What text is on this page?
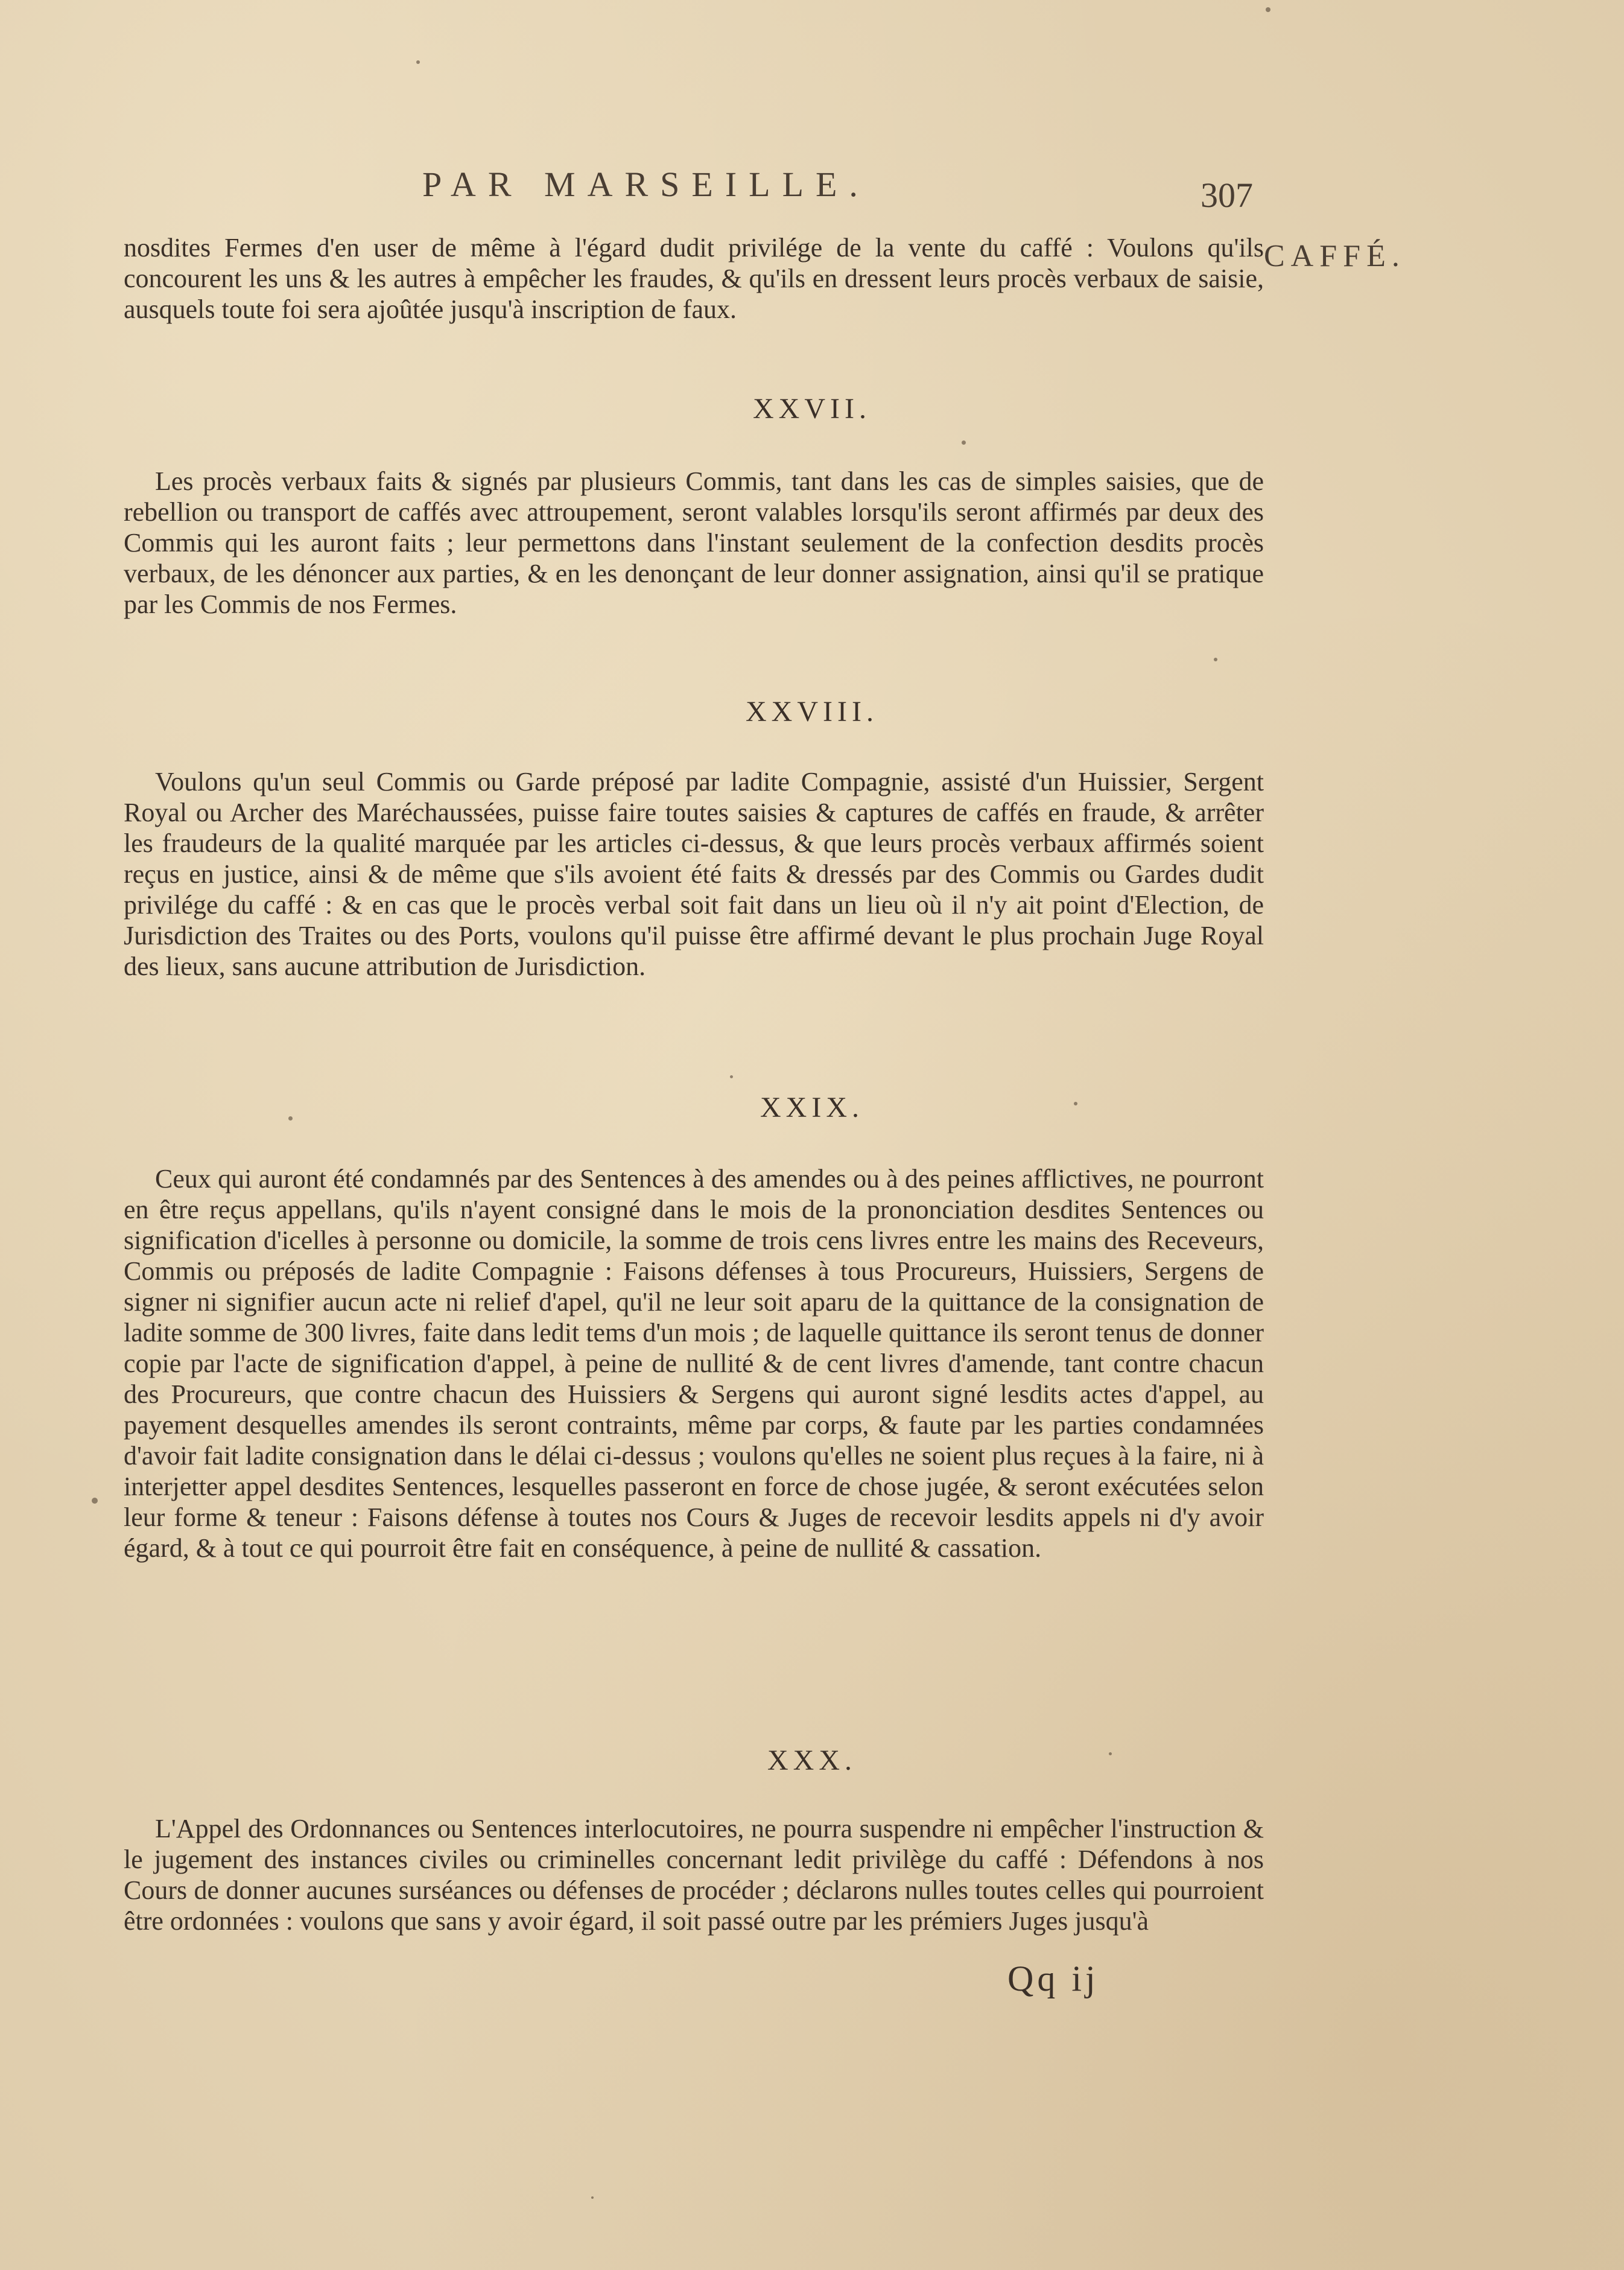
PAR MARSEILLE.	307
CAFFÉ.

nosdites Fermes d'en user de même à l'égard dudit privilége de la vente du caffé : Voulons qu'ils concourent les uns & les autres à empêcher les fraudes, & qu'ils en dressent leurs procès verbaux de saisie, ausquels toute foi sera ajoûtée jusqu'à inscription de faux.

XXVII.

Les procès verbaux faits & signés par plusieurs Commis, tant dans les cas de simples saisies, que de rebellion ou transport de caffés avec attroupement, seront valables lorsqu'ils seront affirmés par deux des Commis qui les auront faits ; leur permettons dans l'instant seulement de la confection desdits procès verbaux, de les dénoncer aux parties, & en les denonçant de leur donner assignation, ainsi qu'il se pratique par les Commis de nos Fermes.

XXVIII.

Voulons qu'un seul Commis ou Garde préposé par ladite Compagnie, assisté d'un Huissier, Sergent Royal ou Archer des Maréchaussées, puisse faire toutes saisies & captures de caffés en fraude, & arrêter les fraudeurs de la qualité marquée par les articles ci-dessus, & que leurs procès verbaux affirmés soient reçus en justice, ainsi & de même que s'ils avoient été faits & dressés par des Commis ou Gardes dudit privilége du caffé : & en cas que le procès verbal soit fait dans un lieu où il n'y ait point d'Election, de Jurisdiction des Traites ou des Ports, voulons qu'il puisse être affirmé devant le plus prochain Juge Royal des lieux, sans aucune attribution de Jurisdiction.

XXIX.

Ceux qui auront été condamnés par des Sentences à des amendes ou à des peines afflictives, ne pourront en être reçus appellans, qu'ils n'ayent consigné dans le mois de la prononciation desdites Sentences ou signification d'icelles à personne ou domicile, la somme de trois cens livres entre les mains des Receveurs, Commis ou préposés de ladite Compagnie : Faisons défenses à tous Procureurs, Huissiers, Sergens de signer ni signifier aucun acte ni relief d'apel, qu'il ne leur soit aparu de la quittance de la consignation de ladite somme de 300 livres, faite dans ledit tems d'un mois ; de laquelle quittance ils seront tenus de donner copie par l'acte de signification d'appel, à peine de nullité & de cent livres d'amende, tant contre chacun des Procureurs, que contre chacun des Huissiers & Sergens qui auront signé lesdits actes d'appel, au payement desquelles amendes ils seront contraints, même par corps, & faute par les parties condamnées d'avoir fait ladite consignation dans le délai ci-dessus ; voulons qu'elles ne soient plus reçues à la faire, ni à interjetter appel desdites Sentences, lesquelles passeront en force de chose jugée, & seront exécutées selon leur forme & teneur : Faisons défense à toutes nos Cours & Juges de recevoir lesdits appels ni d'y avoir égard, & à tout ce qui pourroit être fait en conséquence, à peine de nullité & cassation.

XXX.

L'Appel des Ordonnances ou Sentences interlocutoires, ne pourra suspendre ni empêcher l'instruction & le jugement des instances civiles ou criminelles concernant ledit privilège du caffé : Défendons à nos Cours de donner aucunes surséances ou défenses de procéder ; déclarons nulles toutes celles qui pourroient être ordonnées : voulons que sans y avoir égard, il soit passé outre par les prémiers Juges jusqu'à

Qq ij
